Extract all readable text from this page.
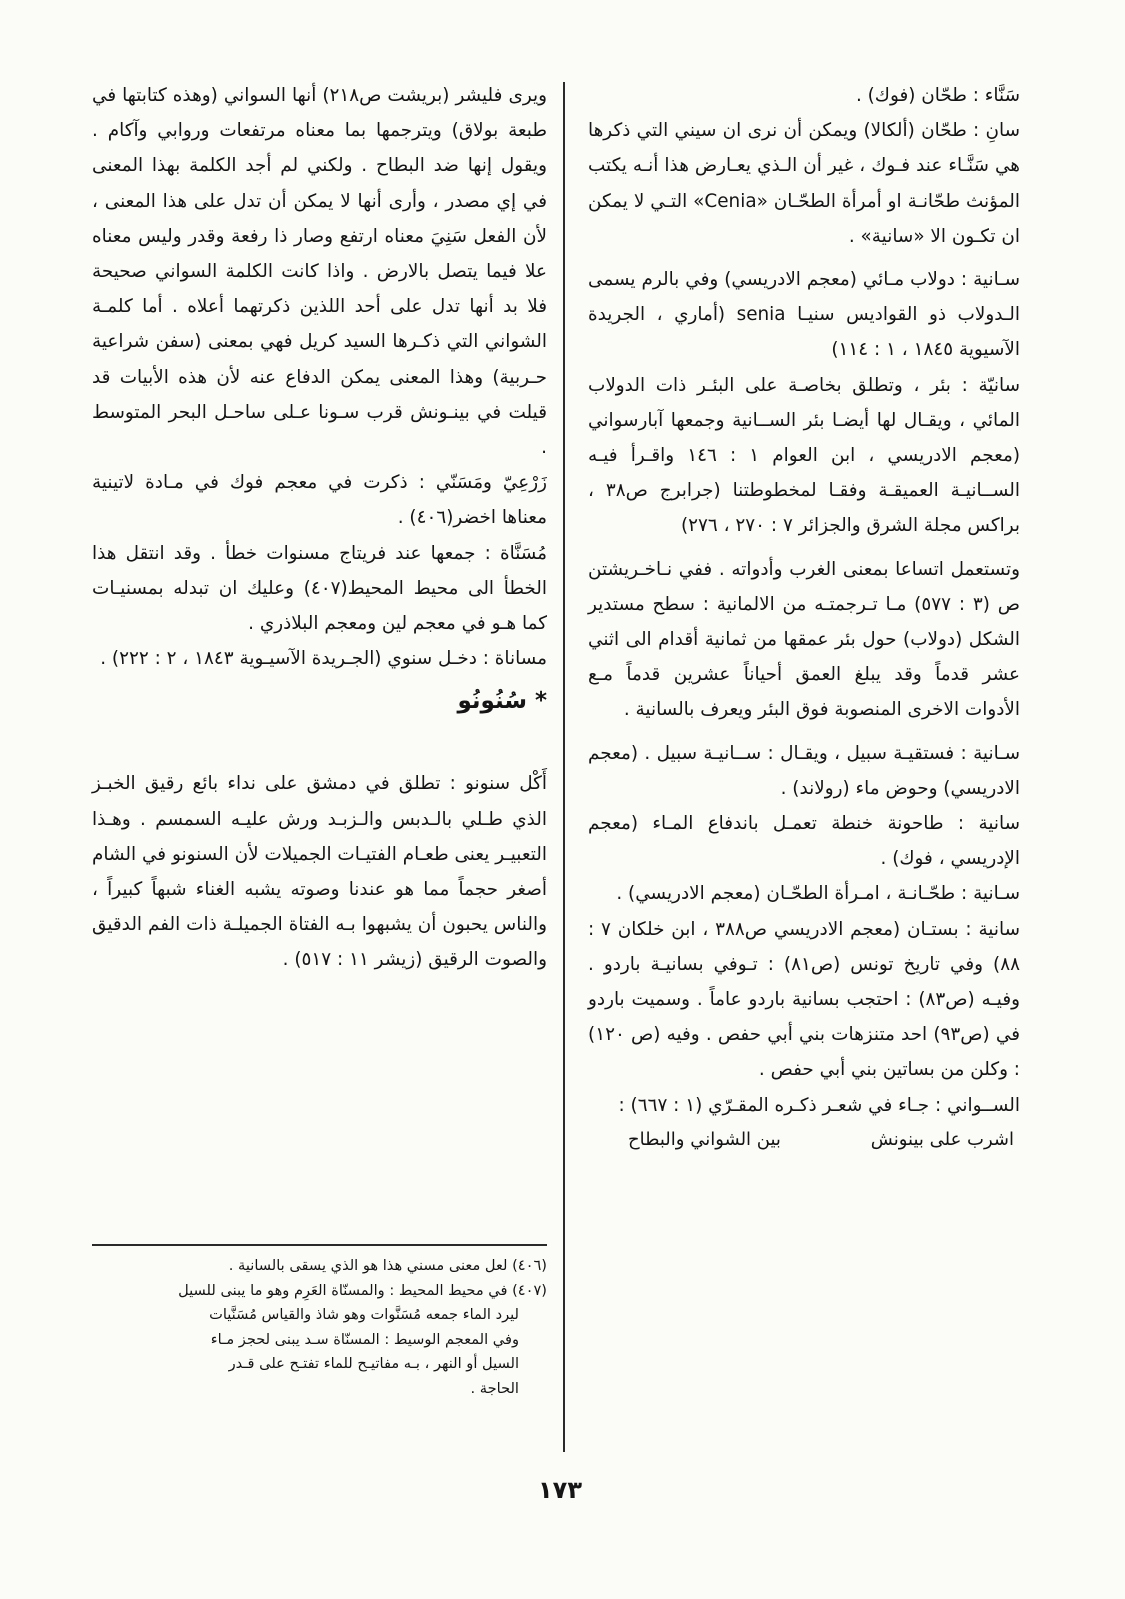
سَنَّاء : طحّان (فوك) .

سانِ : طحّان (ألكالا) ويمكن أن نرى ان سيني التي ذكرها هي سَنَّـاء عند فـوك ، غير أن الـذي يعـارض هذا أنـه يكتب المؤنث طحّانـة او أمرأة الطحّـان «Cenia» التـي لا يمكن ان تكـون الا «سانية» .

سـانية : دولاب مـائي (معجم الادريسي) وفي بالرم يسمى الـدولاب ذو القواديس سنيـا senia (أماري ، الجريدة الآسيوية ١٨٤٥ ، ١ : ١١٤)

سانيّة : بئر ، وتطلق بخاصـة على البئـر ذات الدولاب المائي ، ويقـال لها أيضـا بئر الســانية وجمعها آبارسواني (معجم الادريسي ، ابن العوام ١ : ١٤٦ واقـرأ فيـه الســانيـة العميقـة وفقـا لمخطوطتنا (جرابرج ص٣٨ ، براكس مجلة الشرق والجزائر ٧ : ٢٧٠ ، ٢٧٦)

وتستعمل اتساعا بمعنى الغرب وأدواته . ففي نـاخـريشتن ص (٣ : ٥٧٧) مـا تـرجمتـه من الالمانية : سطح مستدير الشكل (دولاب) حول بئر عمقها من ثمانية أقدام الى اثني عشر قدماً وقد يبلغ العمق أحياناً عشرين قدماً مـع الأدوات الاخرى المنصوبة فوق البئر ويعرف بالسانية .

سـانية : فستقيـة سبيل ، ويقـال : ســانيـة سبيل . (معجم الادريسي) وحوض ماء (رولاند) .

سانية : طاحونة خنطة تعمـل باندفاع المـاء (معجم الإدريسي ، فوك) .

سـانية : طحّـانـة ، امـرأة الطحّـان (معجم الادريسي) .

سانية : بستـان (معجم الادريسي ص٣٨٨ ، ابن خلكان ٧ : ٨٨) وفي تاريخ تونس (ص٨١) : تـوفي بسانيـة باردو . وفيـه (ص٨٣) : احتجب بسانية باردو عاماً . وسميت باردو في (ص٩٣) احد متنزهات بني أبي حفص . وفيه (ص ١٢٠) : وكلن من بساتين بني أبي حفص .

الســواني : جـاء في شعـر ذكـره المقـرّي (١ : ٦٦٧) :

اشرب على بينونش
بين الشواني والبطاح

ويرى فليشر (بريشت ص٢١٨) أنها السواني (وهذه كتابتها في طبعة بولاق) ويترجمها بما معناه مرتفعات وروابي وآكام . ويقول إنها ضد البطاح . ولكني لم أجد الكلمة بهذا المعنى في إي مصدر ، وأرى أنها لا يمكن أن تدل على هذا المعنى ، لأن الفعل سَنِيَ معناه ارتفع وصار ذا رفعة وقدر وليس معناه علا فيما يتصل بالارض . واذا كانت الكلمة السواني صحيحة فلا بد أنها تدل على أحد اللذين ذكرتهما أعلاه . أما كلمـة الشواني التي ذكـرها السيد كريل فهي بمعنى (سفن شراعية حـربية) وهذا المعنى يمكن الدفاع عنه لأن هذه الأبيات قد قيلت في بينـونش قرب سـونا عـلى ساحـل البحر المتوسط .

زَرْعِيّ ومَسَنّي : ذكرت في معجم فوك في مـادة لاتينية معناها اخضر(٤٠٦) .

مُسَنَّاة : جمعها عند فريتاج مسنوات خطأ . وقد انتقل هذا الخطأ الى محيط المحيط(٤٠٧) وعليك ان تبدله بمسنيـات كما هـو في معجم لين ومعجم البلاذري .

مساناة : دخـل سنوي (الجـريدة الآسيـوية ١٨٤٣ ، ٢ : ٢٢٢) .

* سُنُونُو

أَكْل سنونو : تطلق في دمشق على نداء بائع رقيق الخبـز الذي طـلي بالـدبس والـزبـد ورش عليـه السمسم . وهـذا التعبيـر يعنى طعـام الفتيـات الجميلات لأن السنونو في الشام أصغر حجماً مما هو عندنا وصوته يشبه الغناء شبهاً كبيراً ، والناس يحبون أن يشبهوا بـه الفتاة الجميلـة ذات الفم الدقيق والصوت الرقيق (زيشر ١١ : ٥١٧) .

(٤٠٦) لعل معنى مسني هذا هو الذي يسقى بالسانية .

(٤٠٧) في محيط المحيط : والمسنّاة العَرِم وهو ما يبنى للسيل

ليرد الماء جمعه مُسَنَّوات وهو شاذ والقياس مُسَنَّيات

وفي المعجم الوسيط : المسنّاة سـد يبنى لحجز مـاء

السيل أو النهر ، بـه مفاتيـح للماء تفتـح على قـدر

الحاجة .

١٧٣
